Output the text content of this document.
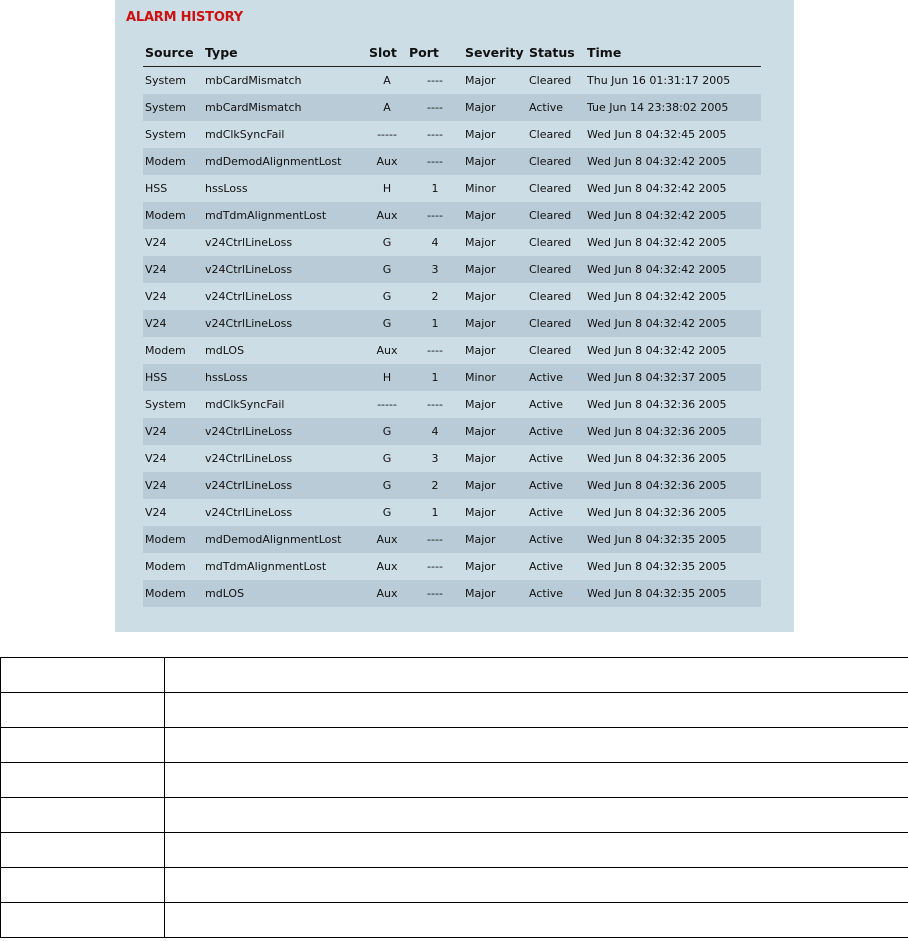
ALARM HISTORY
Source	Type	Slot	Port	Severity	Status	Time
System	mbCardMismatch	A	----	Major	Cleared	Thu Jun 16 01:31:17 2005
System	mbCardMismatch	A	----	Major	Active	Tue Jun 14 23:38:02 2005
System	mdClkSyncFail	-----	----	Major	Cleared	Wed Jun 8 04:32:45 2005
Modem	mdDemodAlignmentLost	Aux	----	Major	Cleared	Wed Jun 8 04:32:42 2005
HSS	hssLoss	H	1	Minor	Cleared	Wed Jun 8 04:32:42 2005
Modem	mdTdmAlignmentLost	Aux	----	Major	Cleared	Wed Jun 8 04:32:42 2005
V24	v24CtrlLineLoss	G	4	Major	Cleared	Wed Jun 8 04:32:42 2005
V24	v24CtrlLineLoss	G	3	Major	Cleared	Wed Jun 8 04:32:42 2005
V24	v24CtrlLineLoss	G	2	Major	Cleared	Wed Jun 8 04:32:42 2005
V24	v24CtrlLineLoss	G	1	Major	Cleared	Wed Jun 8 04:32:42 2005
Modem	mdLOS	Aux	----	Major	Cleared	Wed Jun 8 04:32:42 2005
HSS	hssLoss	H	1	Minor	Active	Wed Jun 8 04:32:37 2005
System	mdClkSyncFail	-----	----	Major	Active	Wed Jun 8 04:32:36 2005
V24	v24CtrlLineLoss	G	4	Major	Active	Wed Jun 8 04:32:36 2005
V24	v24CtrlLineLoss	G	3	Major	Active	Wed Jun 8 04:32:36 2005
V24	v24CtrlLineLoss	G	2	Major	Active	Wed Jun 8 04:32:36 2005
V24	v24CtrlLineLoss	G	1	Major	Active	Wed Jun 8 04:32:36 2005
Modem	mdDemodAlignmentLost	Aux	----	Major	Active	Wed Jun 8 04:32:35 2005
Modem	mdTdmAlignmentLost	Aux	----	Major	Active	Wed Jun 8 04:32:35 2005
Modem	mdLOS	Aux	----	Major	Active	Wed Jun 8 04:32:35 2005
